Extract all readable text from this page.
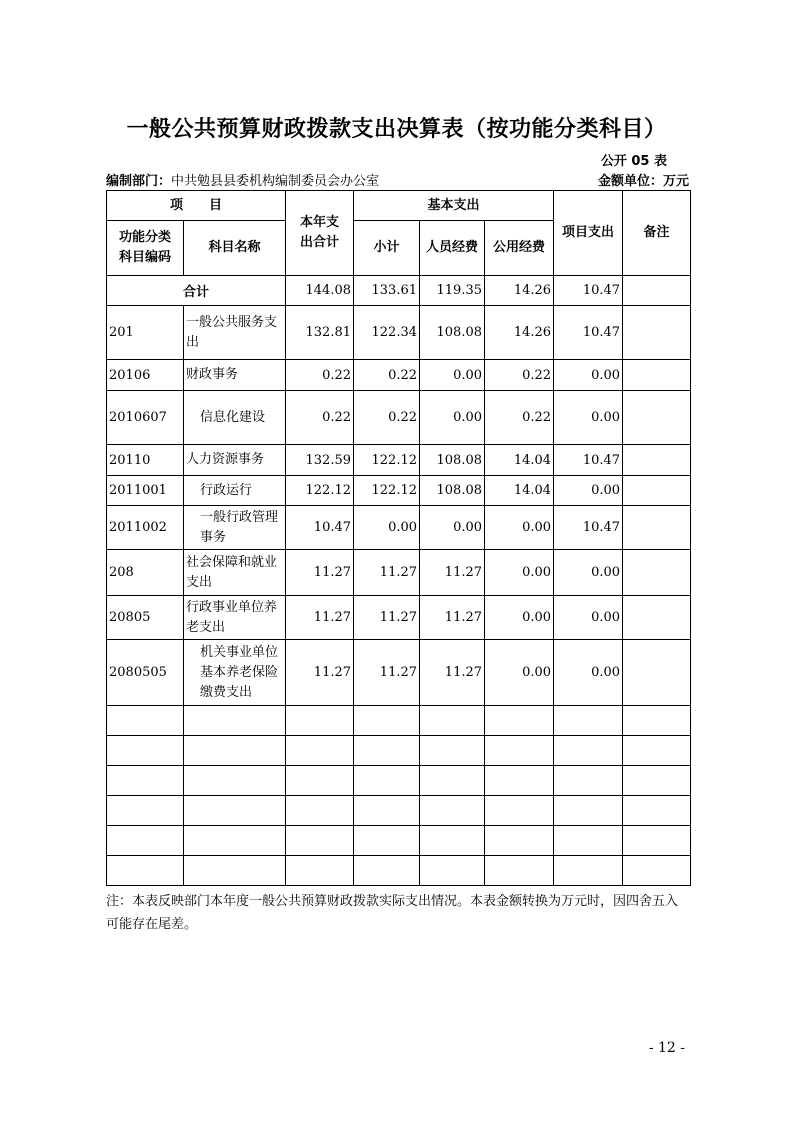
一般公共预算财政拨款支出决算表（按功能分类科目）
公开 05 表
编制部门：中共勉县县委机构编制委员会办公室	金额单位：万元
项　　目		本年支出合计	基本支出			项目支出	备注
功能分类科目编码	科目名称		小计	人员经费	公用经费		
合计		144.08	133.61	119.35	14.26	10.47	
201	一般公共服务支出	132.81	122.34	108.08	14.26	10.47	
20106	财政事务	0.22	0.22	0.00	0.22	0.00	
2010607	信息化建设	0.22	0.22	0.00	0.22	0.00	
20110	人力资源事务	132.59	122.12	108.08	14.04	10.47	
2011001	行政运行	122.12	122.12	108.08	14.04	0.00	
2011002	一般行政管理事务	10.47	0.00	0.00	0.00	10.47	
208	社会保障和就业支出	11.27	11.27	11.27	0.00	0.00	
20805	行政事业单位养老支出	11.27	11.27	11.27	0.00	0.00	
2080505	机关事业单位基本养老保险缴费支出	11.27	11.27	11.27	0.00	0.00	

注：本表反映部门本年度一般公共预算财政拨款实际支出情况。本表金额转换为万元时，因四舍五入可能存在尾差。
- 12 -
